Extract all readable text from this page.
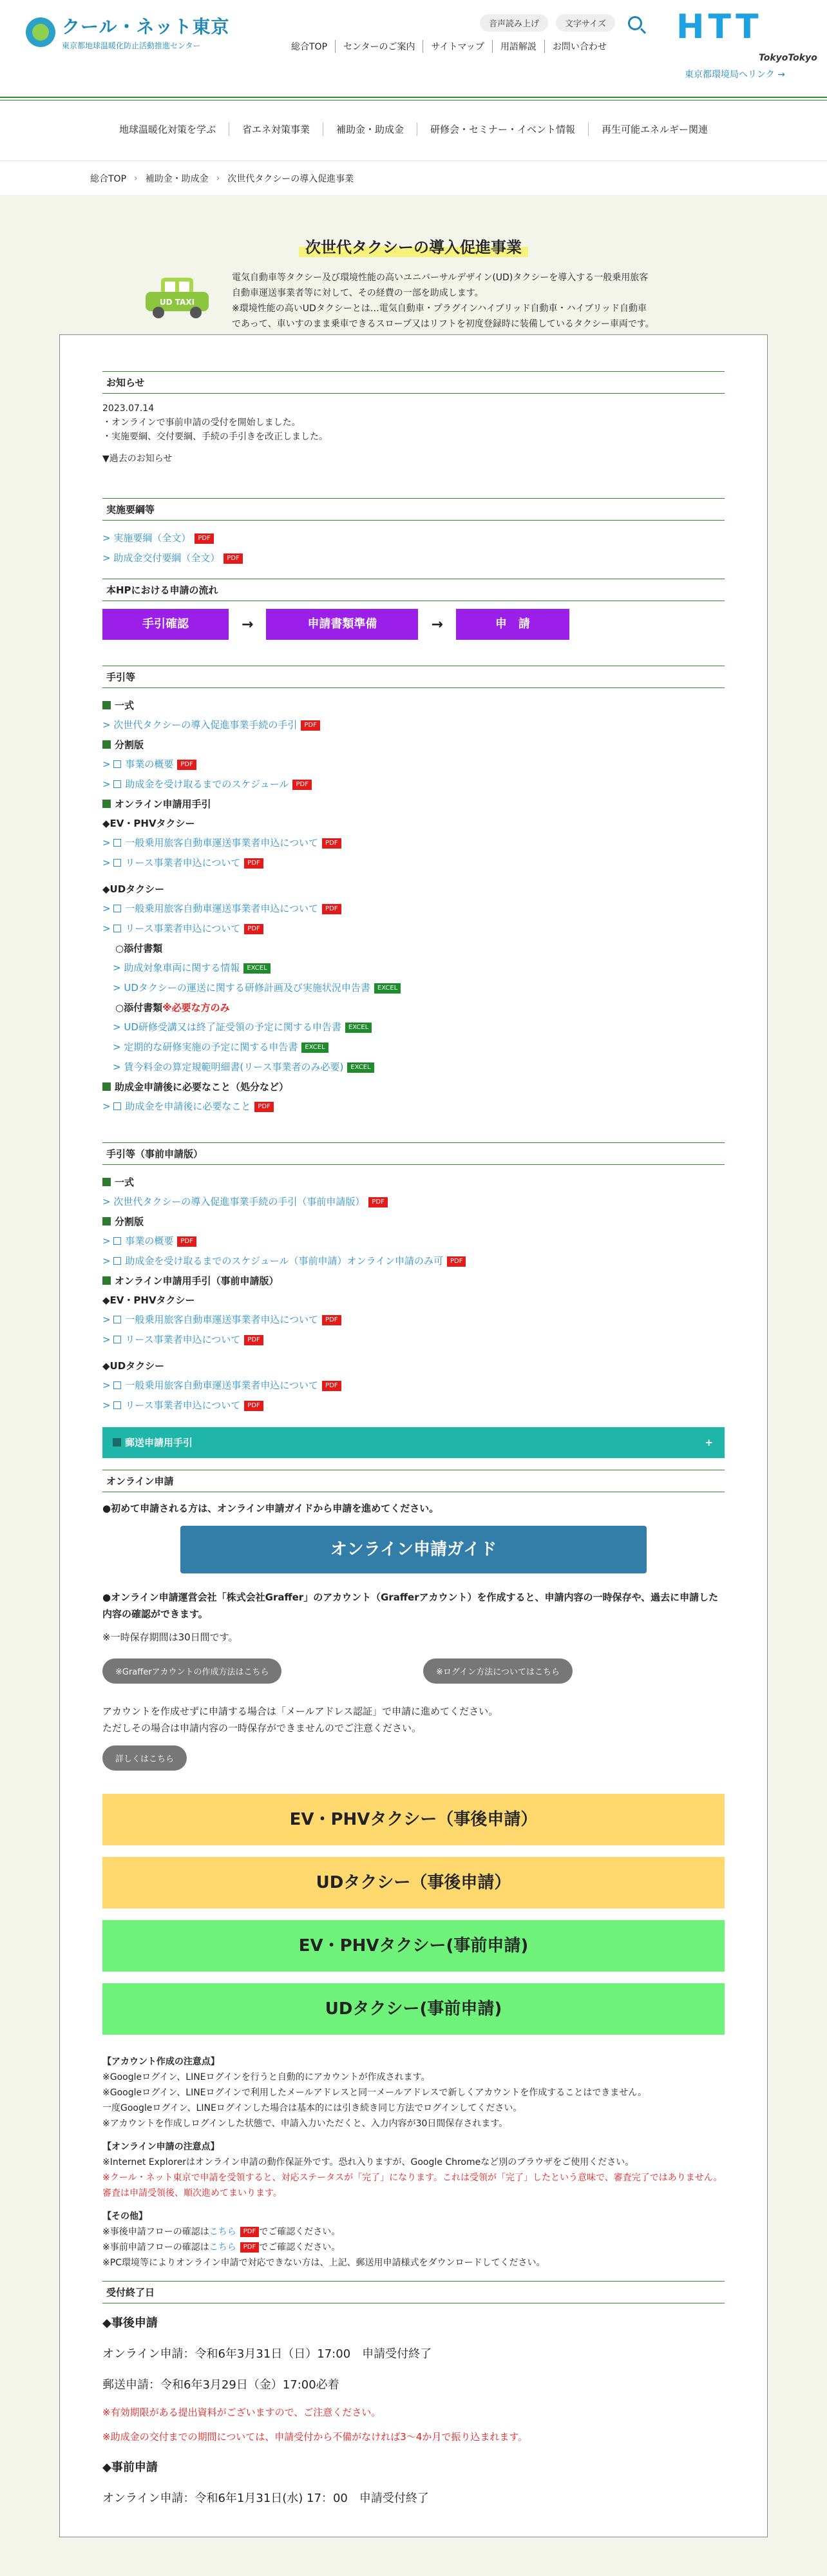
クール・ネット東京
東京都地球温暖化防止活動推進センター
音声読み上げ	文字サイズ
総合TOP	センターのご案内	サイトマップ	用語解説	お問い合わせ
HTT
TokyoTokyo
東京都環境局へリンク →
地球温暖化対策を学ぶ	省エネ対策事業	補助金・助成金	研修会・セミナー・イベント情報	再生可能エネルギー関連
総合TOP › 補助金・助成金 › 次世代タクシーの導入促進事業
次世代タクシーの導入促進事業
UD TAXI
電気自動車等タクシー及び環境性能の高いユニバーサルデザイン(UD)タクシーを導入する一般乗用旅客
自動車運送事業者等に対して、その経費の一部を助成します。
※環境性能の高いUDタクシーとは…電気自動車・プラグインハイブリッド自動車・ハイブリッド自動車
であって、車いすのまま乗車できるスロープ又はリフトを初度登録時に装備しているタクシー車両です。
お知らせ
2023.07.14
・オンラインで事前申請の受付を開始しました。
・実施要綱、交付要綱、手続の手引きを改正しました。
▼過去のお知らせ
実施要綱等
> 実施要綱（全文） PDF
> 助成金交付要綱（全文） PDF
本HPにおける申請の流れ
手引確認	→	申請書類準備	→	申　請
手引等
一式
> 次世代タクシーの導入促進事業手続の手引 PDF
分割版
> 事業の概要 PDF
> 助成金を受け取るまでのスケジュール PDF
オンライン申請用手引
◆EV・PHVタクシー
> 一般乗用旅客自動車運送事業者申込について PDF
> リース事業者申込について PDF
◆UDタクシー
> 一般乗用旅客自動車運送事業者申込について PDF
> リース事業者申込について PDF
○添付書類
> 助成対象車両に関する情報 EXCEL
> UDタクシーの運送に関する研修計画及び実施状況申告書 EXCEL
○添付書類※必要な方のみ
> UD研修受講又は終了証受領の予定に関する申告書 EXCEL
> 定期的な研修実施の予定に関する申告書 EXCEL
> 賃今料金の算定規範明細書(リース事業者のみ必要) EXCEL
助成金申請後に必要なこと（処分など）
> 助成金を申請後に必要なこと PDF
手引等（事前申請版）
一式
> 次世代タクシーの導入促進事業手続の手引（事前申請版） PDF
分割版
> 事業の概要 PDF
> 助成金を受け取るまでのスケジュール（事前申請）オンライン申請のみ可 PDF
オンライン申請用手引（事前申請版）
◆EV・PHVタクシー
> 一般乗用旅客自動車運送事業者申込について PDF
> リース事業者申込について PDF
◆UDタクシー
> 一般乗用旅客自動車運送事業者申込について PDF
> リース事業者申込について PDF
郵送申請用手引 +
オンライン申請
●初めて申請される方は、オンライン申請ガイドから申請を進めてください。
オンライン申請ガイド
●オンライン申請運営会社「株式会社Graffer」のアカウント（Grafferアカウント）を作成すると、申請内容の一時保存や、過去に申請した内容の確認ができます。
※一時保存期間は30日間です。
※Grafferアカウントの作成方法はこちら	※ログイン方法についてはこちら
アカウントを作成せずに申請する場合は「メールアドレス認証」で申請に進めてください。
ただしその場合は申請内容の一時保存ができませんのでご注意ください。
詳しくはこちら
EV・PHVタクシー（事後申請）
UDタクシー（事後申請）
EV・PHVタクシー(事前申請)
UDタクシー(事前申請)
【アカウント作成の注意点】
※Googleログイン、LINEログインを行うと自動的にアカウントが作成されます。
※Googleログイン、LINEログインで利用したメールアドレスと同一メールアドレスで新しくアカウントを作成することはできません。
一度Googleログイン、LINEログインした場合は基本的には引き続き同じ方法でログインしてください。
※アカウントを作成しログインした状態で、申請入力いただくと、入力内容が30日間保存されます。
【オンライン申請の注意点】
※Internet Explorerはオンライン申請の動作保証外です。恐れ入りますが、Google Chromeなど別のブラウザをご使用ください。
※クール・ネット東京で申請を受領すると、対応ステータスが「完了」になります。これは受領が「完了」したという意味で、審査完了ではありません。審査は申請受領後、順次進めてまいります。
【その他】
※事後申請フローの確認はこちら PDF でご確認ください。
※事前申請フローの確認はこちら PDF でご確認ください。
※PC環境等によりオンライン申請で対応できない方は、上記、郵送用申請様式をダウンロードしてください。
受付終了日
◆事後申請
オンライン申請：令和6年3月31日（日）17:00　申請受付終了
郵送申請：令和6年3月29日（金）17:00必着
※有効期限がある提出資料がございますので、ご注意ください。
※助成金の交付までの期間については、申請受付から不備がなければ3～4か月で振り込まれます。
◆事前申請
オンライン申請：令和6年1月31日(水) 17：00　申請受付終了
